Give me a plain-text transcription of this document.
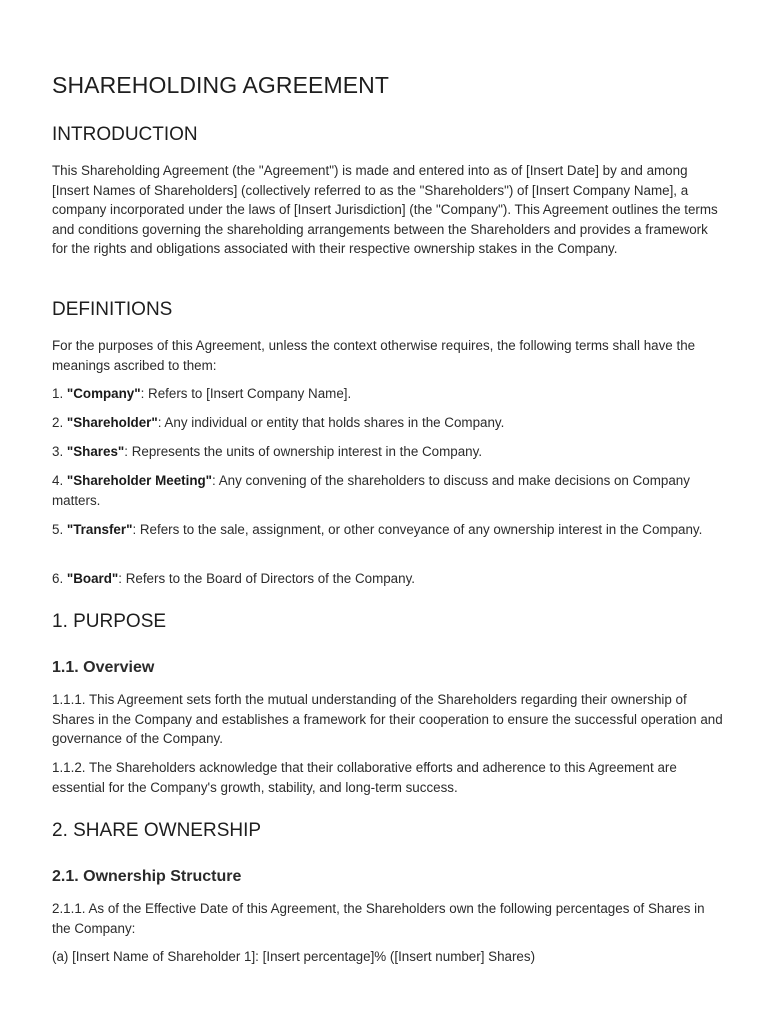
SHAREHOLDING AGREEMENT
INTRODUCTION

This Shareholding Agreement (the "Agreement") is made and entered into as of [Insert Date] by and among [Insert Names of Shareholders] (collectively referred to as the "Shareholders") of [Insert Company Name], a company incorporated under the laws of [Insert Jurisdiction] (the "Company"). This Agreement outlines the terms and conditions governing the shareholding arrangements between the Shareholders and provides a framework for the rights and obligations associated with their respective ownership stakes in the Company.

DEFINITIONS

For the purposes of this Agreement, unless the context otherwise requires, the following terms shall have the meanings ascribed to them:

1. "Company": Refers to [Insert Company Name].

2. "Shareholder": Any individual or entity that holds shares in the Company.

3. "Shares": Represents the units of ownership interest in the Company.

4. "Shareholder Meeting": Any convening of the shareholders to discuss and make decisions on Company matters.

5. "Transfer": Refers to the sale, assignment, or other conveyance of any ownership interest in the Company.

6. "Board": Refers to the Board of Directors of the Company.

1. PURPOSE
1.1. Overview

1.1.1. This Agreement sets forth the mutual understanding of the Shareholders regarding their ownership of Shares in the Company and establishes a framework for their cooperation to ensure the successful operation and governance of the Company.

1.1.2. The Shareholders acknowledge that their collaborative efforts and adherence to this Agreement are essential for the Company's growth, stability, and long-term success.

2. SHARE OWNERSHIP
2.1. Ownership Structure

2.1.1. As of the Effective Date of this Agreement, the Shareholders own the following percentages of Shares in the Company:

(a) [Insert Name of Shareholder 1]: [Insert percentage]% ([Insert number] Shares)
